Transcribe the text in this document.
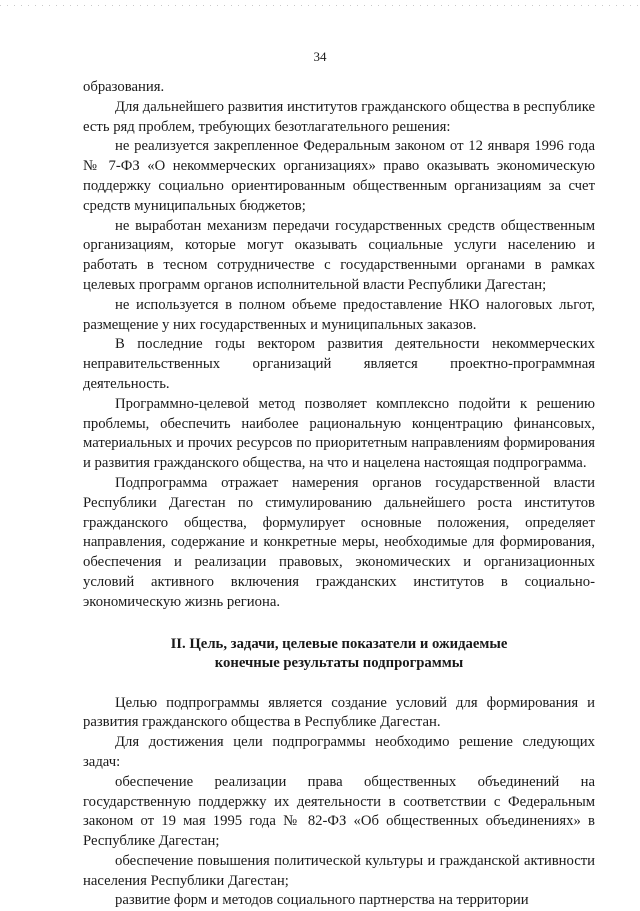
34

образования.

Для дальнейшего развития институтов гражданского общества в республике есть ряд проблем, требующих безотлагательного решения:

не реализуется закрепленное Федеральным законом от 12 января 1996 года № 7-ФЗ «О некоммерческих организациях» право оказывать экономическую поддержку социально ориентированным общественным организациям за счет средств муниципальных бюджетов;

не выработан механизм передачи государственных средств общественным организациям, которые могут оказывать социальные услуги населению и работать в тесном сотрудничестве с государственными органами в рамках целевых программ органов исполнительной власти Республики Дагестан;

не используется в полном объеме предоставление НКО налоговых льгот, размещение у них государственных и муниципальных заказов.

В последние годы вектором развития деятельности некоммерческих неправительственных организаций является проектно-программная деятельность.

Программно-целевой метод позволяет комплексно подойти к решению проблемы, обеспечить наиболее рациональную концентрацию финансовых, материальных и прочих ресурсов по приоритетным направлениям формирования и развития гражданского общества, на что и нацелена настоящая подпрограмма.

Подпрограмма отражает намерения органов государственной власти Республики Дагестан по стимулированию дальнейшего роста институтов гражданского общества, формулирует основные положения, определяет направления, содержание и конкретные меры, необходимые для формирования, обеспечения и реализации правовых, экономических и организационных условий активного включения гражданских институтов в социально-экономическую жизнь региона.

II. Цель, задачи, целевые показатели и ожидаемые
конечные результаты подпрограммы

Целью подпрограммы является создание условий для формирования и развития гражданского общества в Республике Дагестан.

Для достижения цели подпрограммы необходимо решение следующих задач:

обеспечение реализации права общественных объединений на государственную поддержку их деятельности в соответствии с Федеральным законом от 19 мая 1995 года № 82-ФЗ «Об общественных объединениях» в Республике Дагестан;

обеспечение повышения политической культуры и гражданской активности населения Республики Дагестан;

развитие форм и методов социального партнерства на территории
